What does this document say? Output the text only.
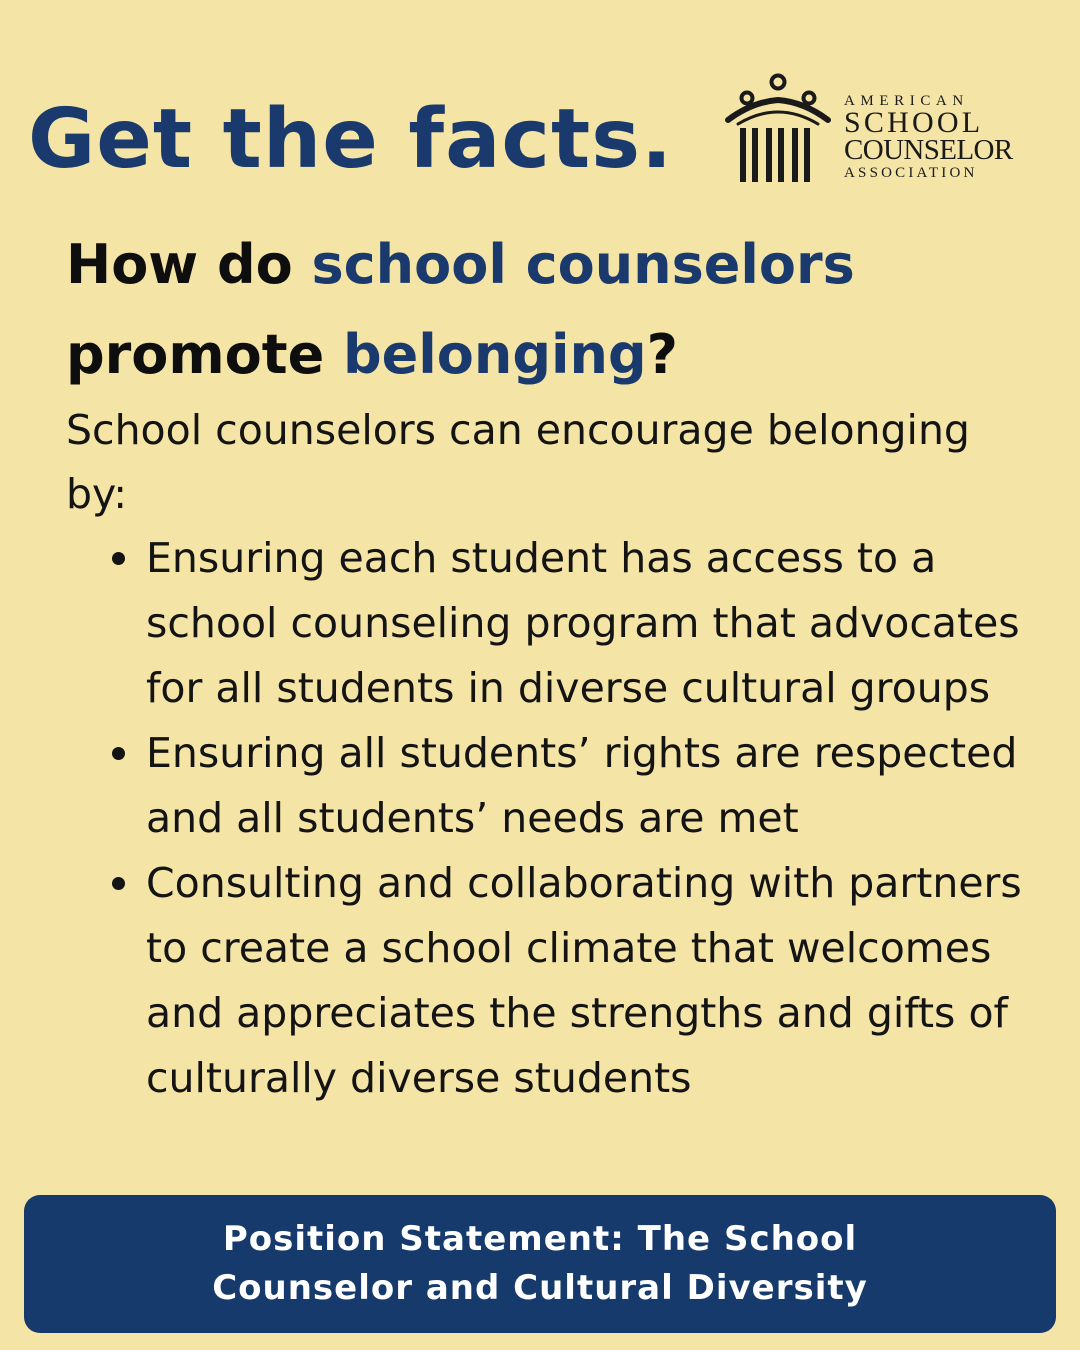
Get the facts.	AMERICAN
SCHOOL
COUNSELOR
ASSOCIATION
How do school counselors
promote belonging?

School counselors can encourage belonging by:

Ensuring each student has access to a school counseling program that advocates for all students in diverse cultural groups
Ensuring all students’ rights are respected and all students’ needs are met
Consulting and collaborating with partners to create a school climate that welcomes and appreciates the strengths and gifts of culturally diverse students
Position Statement: The School Counselor and Cultural Diversity
